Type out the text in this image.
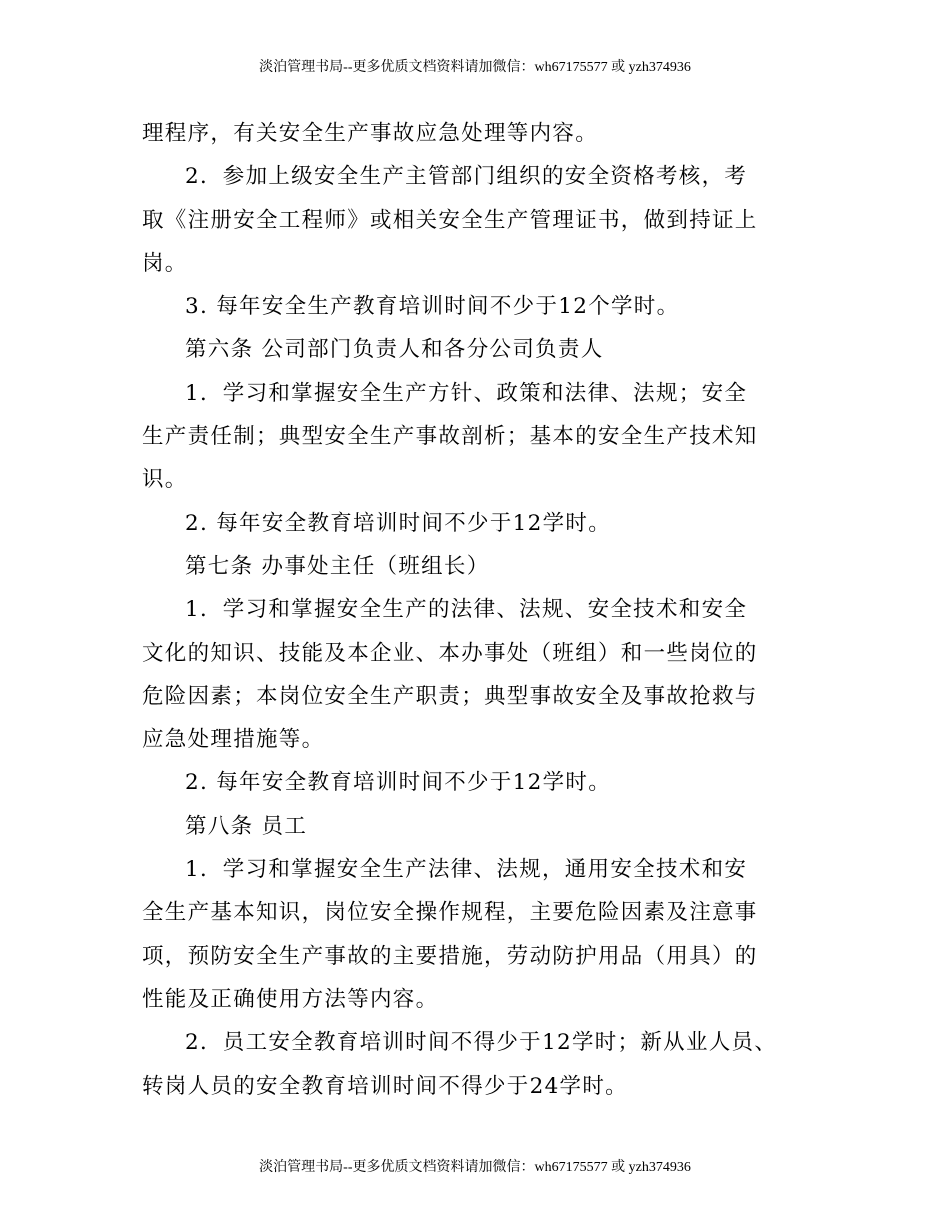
淡泊管理书局--更多优质文档资料请加微信：wh67175577 或 yzh374936
理程序，有关安全生产事故应急处理等内容。
2．参加上级安全生产主管部门组织的安全资格考核，考
取《注册安全工程师》或相关安全生产管理证书，做到持证上
岗。
3. 每年安全生产教育培训时间不少于12个学时。
第六条 公司部门负责人和各分公司负责人
1．学习和掌握安全生产方针、政策和法律、法规；安全
生产责任制；典型安全生产事故剖析；基本的安全生产技术知
识。
2. 每年安全教育培训时间不少于12学时。
第七条 办事处主任（班组长）
1．学习和掌握安全生产的法律、法规、安全技术和安全
文化的知识、技能及本企业、本办事处（班组）和一些岗位的
危险因素；本岗位安全生产职责；典型事故安全及事故抢救与
应急处理措施等。
2. 每年安全教育培训时间不少于12学时。
第八条 员工
1．学习和掌握安全生产法律、法规，通用安全技术和安
全生产基本知识，岗位安全操作规程，主要危险因素及注意事
项，预防安全生产事故的主要措施，劳动防护用品（用具）的
性能及正确使用方法等内容。
2．员工安全教育培训时间不得少于12学时；新从业人员、
转岗人员的安全教育培训时间不得少于24学时。
淡泊管理书局--更多优质文档资料请加微信：wh67175577 或 yzh374936
